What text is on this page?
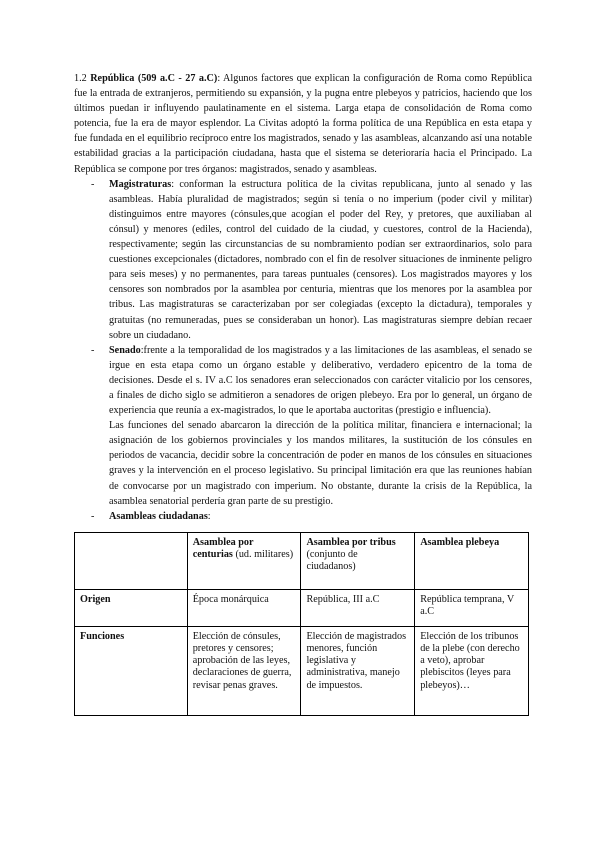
1.2 República (509 a.C - 27 a.C): Algunos factores que explican la configuración de Roma como República fue la entrada de extranjeros, permitiendo su expansión, y la pugna entre plebeyos y patricios, haciendo que los últimos puedan ir influyendo paulatinamente en el sistema. Larga etapa de consolidación de Roma como potencia, fue la era de mayor esplendor. La Civitas adoptó la forma política de una República en esta etapa y fue fundada en el equilibrio recíproco entre los magistrados, senado y las asambleas, alcanzando así una notable estabilidad gracias a la participación ciudadana, hasta que el sistema se deterioraría hacia el Principado. La República se compone por tres órganos: magistrados, senado y asambleas.

- Magistraturas: conforman la estructura política de la civitas republicana, junto al senado y las asambleas. Había pluralidad de magistrados; según si tenía o no imperium (poder civil y militar) distinguimos entre mayores (cónsules,que acogían el poder del Rey, y pretores, que auxiliaban al cónsul) y menores (ediles, control del cuidado de la ciudad, y cuestores, control de la Hacienda), respectivamente; según las circunstancias de su nombramiento podían ser extraordinarios, solo para cuestiones excepcionales (dictadores, nombrado con el fin de resolver situaciones de inminente peligro para seis meses) y no permanentes, para tareas puntuales (censores). Los magistrados mayores y los censores son nombrados por la asamblea por centuria, mientras que los menores por la asamblea por tribus. Las magistraturas se caracterizaban por ser colegiadas (excepto la dictadura), temporales y gratuitas (no remuneradas, pues se consideraban un honor). Las magistraturas siempre debían recaer sobre un ciudadano.

- Senado:frente a la temporalidad de los magistrados y a las limitaciones de las asambleas, el senado se irgue en esta etapa como un órgano estable y deliberativo, verdadero epicentro de la toma de decisiones. Desde el s. IV a.C los senadores eran seleccionados con carácter vitalicio por los censores, a finales de dicho siglo se admitieron a senadores de origen plebeyo. Era por lo general, un órgano de experiencia que reunía a ex-magistrados, lo que le aportaba auctoritas (prestigio e influencia).

Las funciones del senado abarcaron la dirección de la política militar, financiera e internacional; la asignación de los gobiernos provinciales y los mandos militares, la sustitución de los cónsules en periodos de vacancia, decidir sobre la concentración de poder en manos de los cónsules en situaciones graves y la intervención en el proceso legislativo. Su principal limitación era que las reuniones habían de convocarse por un magistrado con imperium. No obstante, durante la crisis de la República, la asamblea senatorial perdería gran parte de su prestigio.

- Asambleas ciudadanas:

	Asamblea por centurias (ud. militares)	Asamblea por tribus (conjunto de ciudadanos)	Asamblea plebeya
Origen	Época monárquica	República, III a.C	República temprana, V a.C
Funciones	Elección de cónsules, pretores y censores; aprobación de las leyes, declaraciones de guerra, revisar penas graves.	Elección de magistrados menores, función legislativa y administrativa, manejo de impuestos.	Elección de los tribunos de la plebe (con derecho a veto), aprobar plebiscitos (leyes para plebeyos)…
